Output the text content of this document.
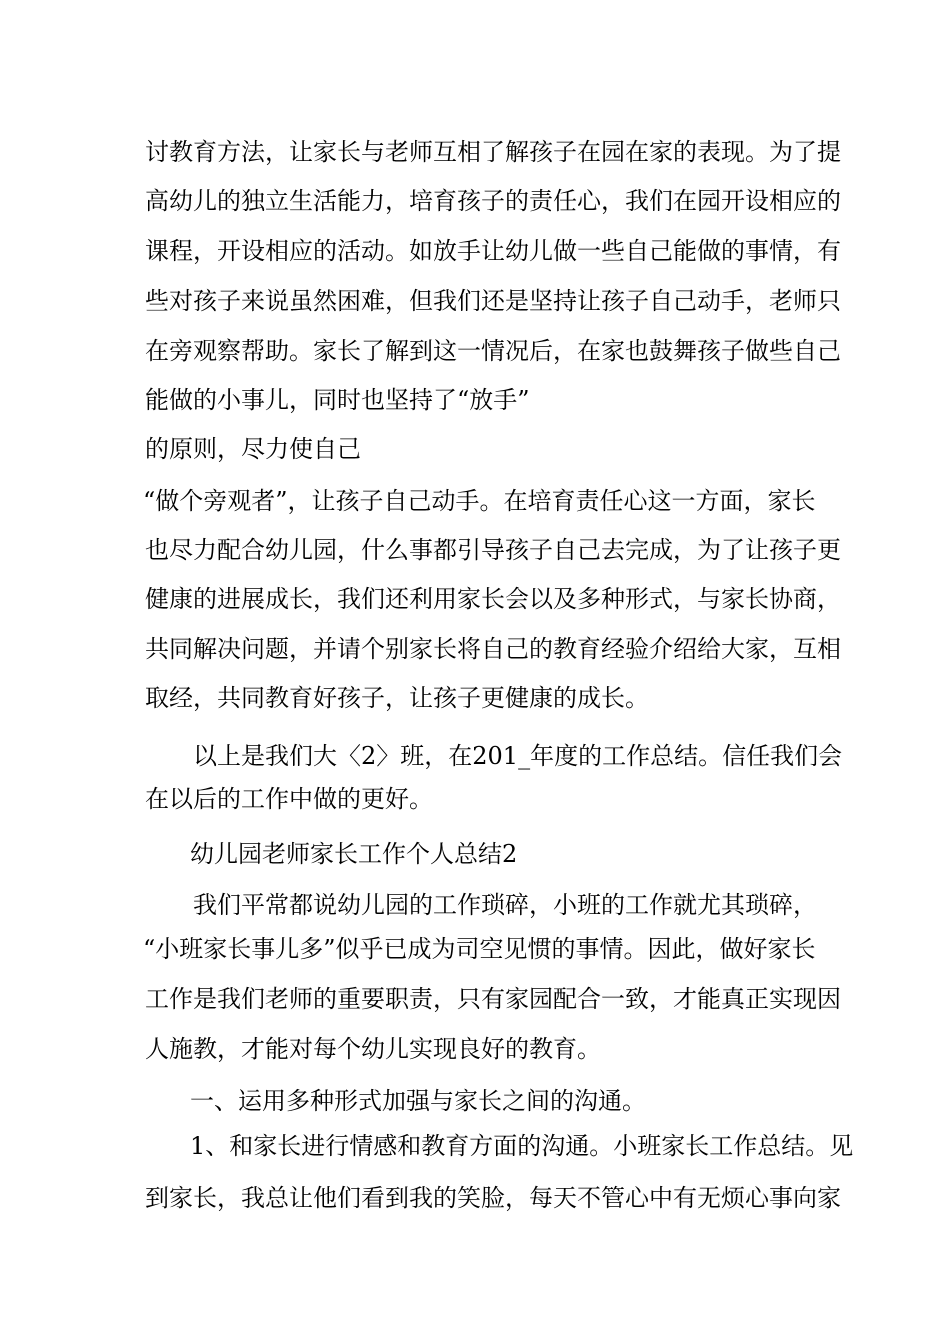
讨教育方法，让家长与老师互相了解孩子在园在家的表现。为了提
高幼儿的独立生活能力，培育孩子的责任心，我们在园开设相应的
课程，开设相应的活动。如放手让幼儿做一些自己能做的事情，有
些对孩子来说虽然困难，但我们还是坚持让孩子自己动手，老师只
在旁观察帮助。家长了解到这一情况后，在家也鼓舞孩子做些自己
能做的小事儿，同时也坚持了“放手”
的原则，尽力使自己
“做个旁观者”，让孩子自己动手。在培育责任心这一方面，家长
也尽力配合幼儿园，什么事都引导孩子自己去完成，为了让孩子更
健康的进展成长，我们还利用家长会以及多种形式，与家长协商，
共同解决问题，并请个别家长将自己的教育经验介绍给大家，互相
取经，共同教育好孩子，让孩子更健康的成长。
以上是我们大〈2〉班，在201_年度的工作总结。信任我们会
在以后的工作中做的更好。
幼儿园老师家长工作个人总结2
我们平常都说幼儿园的工作琐碎，小班的工作就尤其琐碎，
“小班家长事儿多”似乎已成为司空见惯的事情。因此，做好家长
工作是我们老师的重要职责，只有家园配合一致，才能真正实现因
人施教，才能对每个幼儿实现良好的教育。
一、运用多种形式加强与家长之间的沟通。
1、和家长进行情感和教育方面的沟通。小班家长工作总结。见
到家长，我总让他们看到我的笑脸，每天不管心中有无烦心事向家
